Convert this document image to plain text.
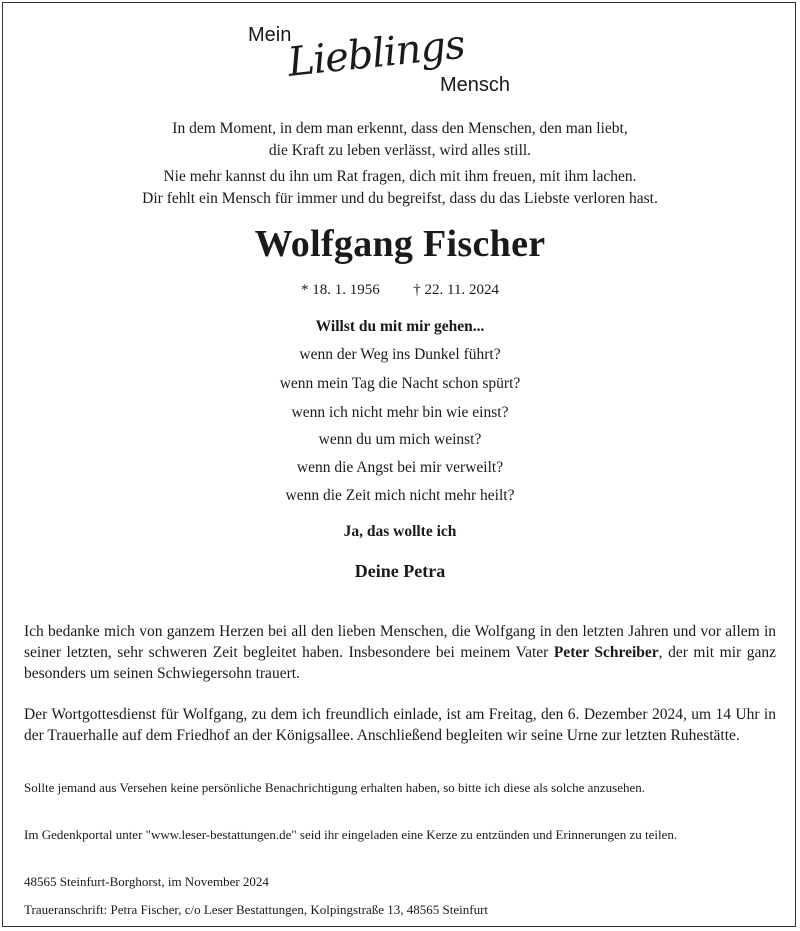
Mein
Lieblings
Mensch
In dem Moment, in dem man erkennt, dass den Menschen, den man liebt,
die Kraft zu leben verlässt, wird alles still.
Nie mehr kannst du ihn um Rat fragen, dich mit ihm freuen, mit ihm lachen.
Dir fehlt ein Mensch für immer und du begreifst, dass du das Liebste verloren hast.
Wolfgang Fischer
* 18. 1. 1956 † 22. 11. 2024
Willst du mit mir gehen...
wenn der Weg ins Dunkel führt?
wenn mein Tag die Nacht schon spürt?
wenn ich nicht mehr bin wie einst?
wenn du um mich weinst?
wenn die Angst bei mir verweilt?
wenn die Zeit mich nicht mehr heilt?
Ja, das wollte ich
Deine Petra
Ich bedanke mich von ganzem Herzen bei all den lieben Menschen, die Wolfgang in den letzten Jahren und vor allem in seiner letzten, sehr schweren Zeit begleitet haben. Insbesondere bei meinem Vater Peter Schreiber, der mit mir ganz besonders um seinen Schwiegersohn trauert.
Der Wortgottesdienst für Wolfgang, zu dem ich freundlich einlade, ist am Freitag, den 6. Dezember 2024, um 14 Uhr in der Trauerhalle auf dem Friedhof an der Königsallee. Anschließend begleiten wir seine Urne zur letzten Ruhestätte.
Sollte jemand aus Versehen keine persönliche Benachrichtigung erhalten haben, so bitte ich diese als solche anzusehen.
Im Gedenkportal unter "www.leser-bestattungen.de" seid ihr eingeladen eine Kerze zu entzünden und Erinnerungen zu teilen.
48565 Steinfurt-Borghorst, im November 2024
Traueranschrift: Petra Fischer, c/o Leser Bestattungen, Kolpingstraße 13, 48565 Steinfurt
